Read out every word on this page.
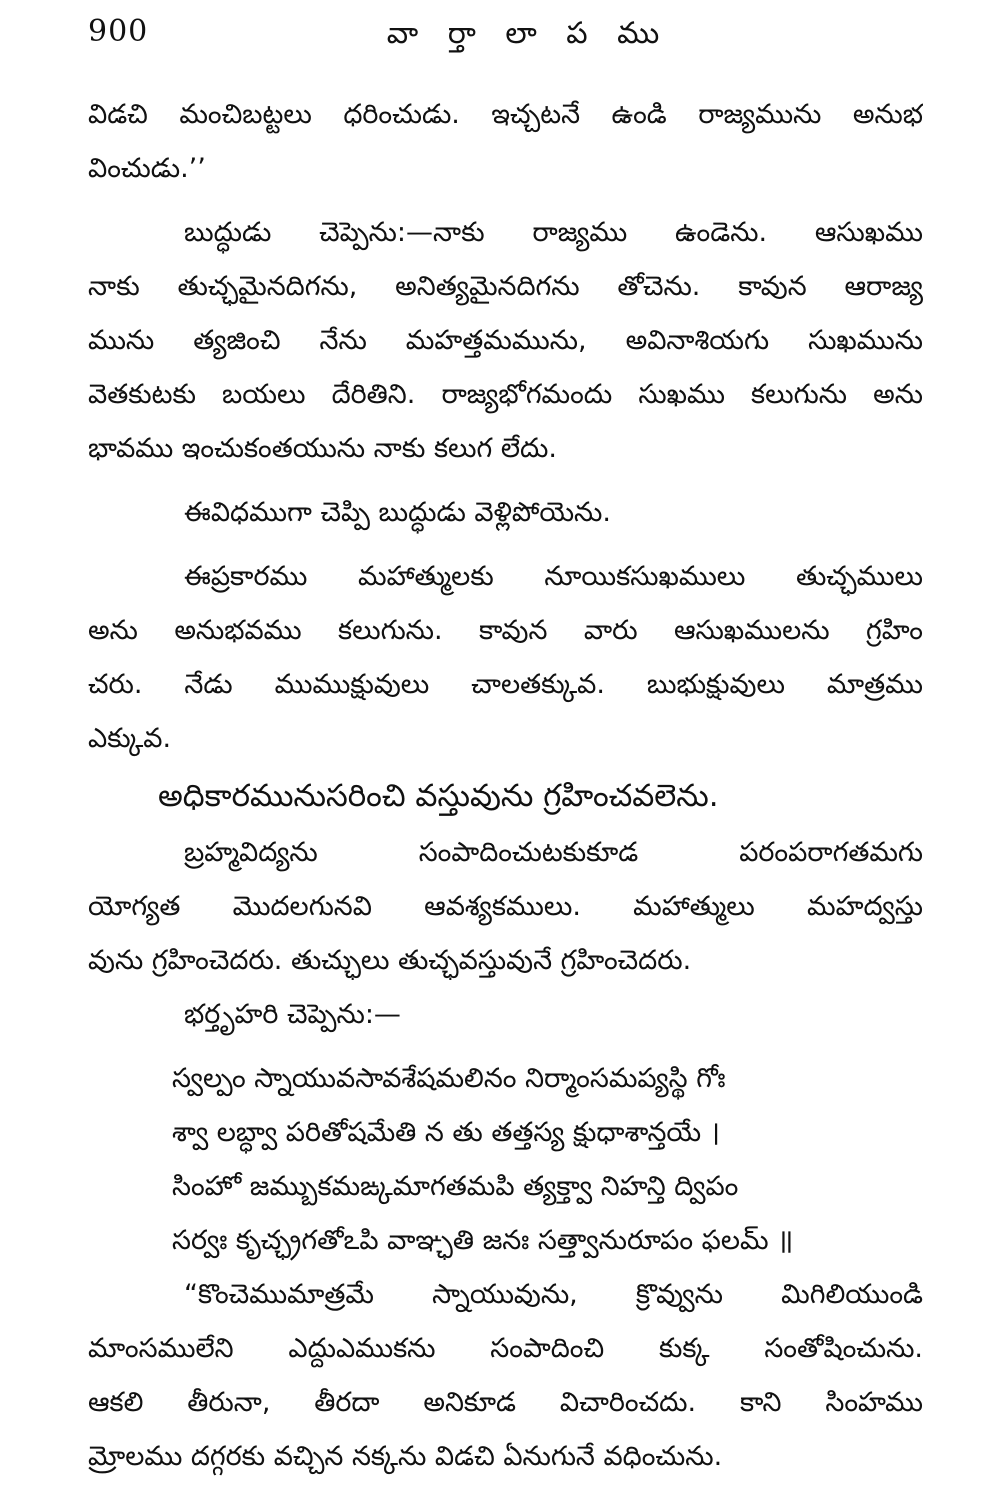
900	వా ర్తా లా ప ము
విడచి మంచిబట్టలు ధరించుడు. ఇచ్చటనే ఉండి రాజ్యమును అనుభ
వించుడు.’’
బుద్ధుడు చెప్పెను:—నాకు రాజ్యము ఉండెను. ఆసుఖము
నాకు తుచ్ఛమైనదిగను, అనిత్యమైనదిగను తోచెను. కావున ఆరాజ్య
మును త్యజించి నేను మహత్తమమును, అవినాశియగు సుఖమును
వెతకుటకు బయలు దేరితిని. రాజ్యభోగమందు సుఖము కలుగును అను
భావము ఇంచుకంతయును నాకు కలుగ లేదు.
ఈవిధముగా చెప్పి బుద్ధుడు వెళ్లిపోయెను.
ఈప్రకారము మహాత్ములకు నూయికసుఖములు తుచ్ఛములు
అను అనుభవము కలుగును. కావున వారు ఆసుఖములను గ్రహిం
చరు. నేడు ముముక్షువులు చాలతక్కువ. బుభుక్షువులు మాత్రము
ఎక్కువ.
అధికారమునుసరించి వస్తువును గ్రహించవలెను.
బ్రహ్మవిద్యను సంపాదించుటకుకూడ పరంపరాగతమగు
యోగ్యత మొదలగునవి ఆవశ్యకములు. మహాత్ములు మహద్వస్తు
వును గ్రహించెదరు. తుచ్ఛులు తుచ్ఛవస్తువునే గ్రహించెదరు.
భర్తృహరి చెప్పెను:—
స్వల్పం స్నాయువసావశేషమలినం నిర్మాంసమప్యస్థి గోః
శ్వా లబ్ధ్వా పరితోషమేతి న తు తత్తస్య క్షుధాశాన్తయే ।
సింహో జమ్బుకమఙ్కమాగతమపి త్యక్త్వా నిహన్తి ద్విపం
సర్వః కృచ్ఛ్రగతోఽపి వాఞ్ఛతి జనః సత్త్వానురూపం ఫలమ్ ॥
“కొంచెముమాత్రమే స్నాయువును, క్రొవ్వును మిగిలియుండి
మాంసములేని ఎద్దుఎముకను సంపాదించి కుక్క సంతోషించును.
ఆకలి తీరునా, తీరదా అనికూడ విచారించదు. కాని సింహము
మ్రోలము దగ్గరకు వచ్చిన నక్కను విడచి ఏనుగునే వధించును.
